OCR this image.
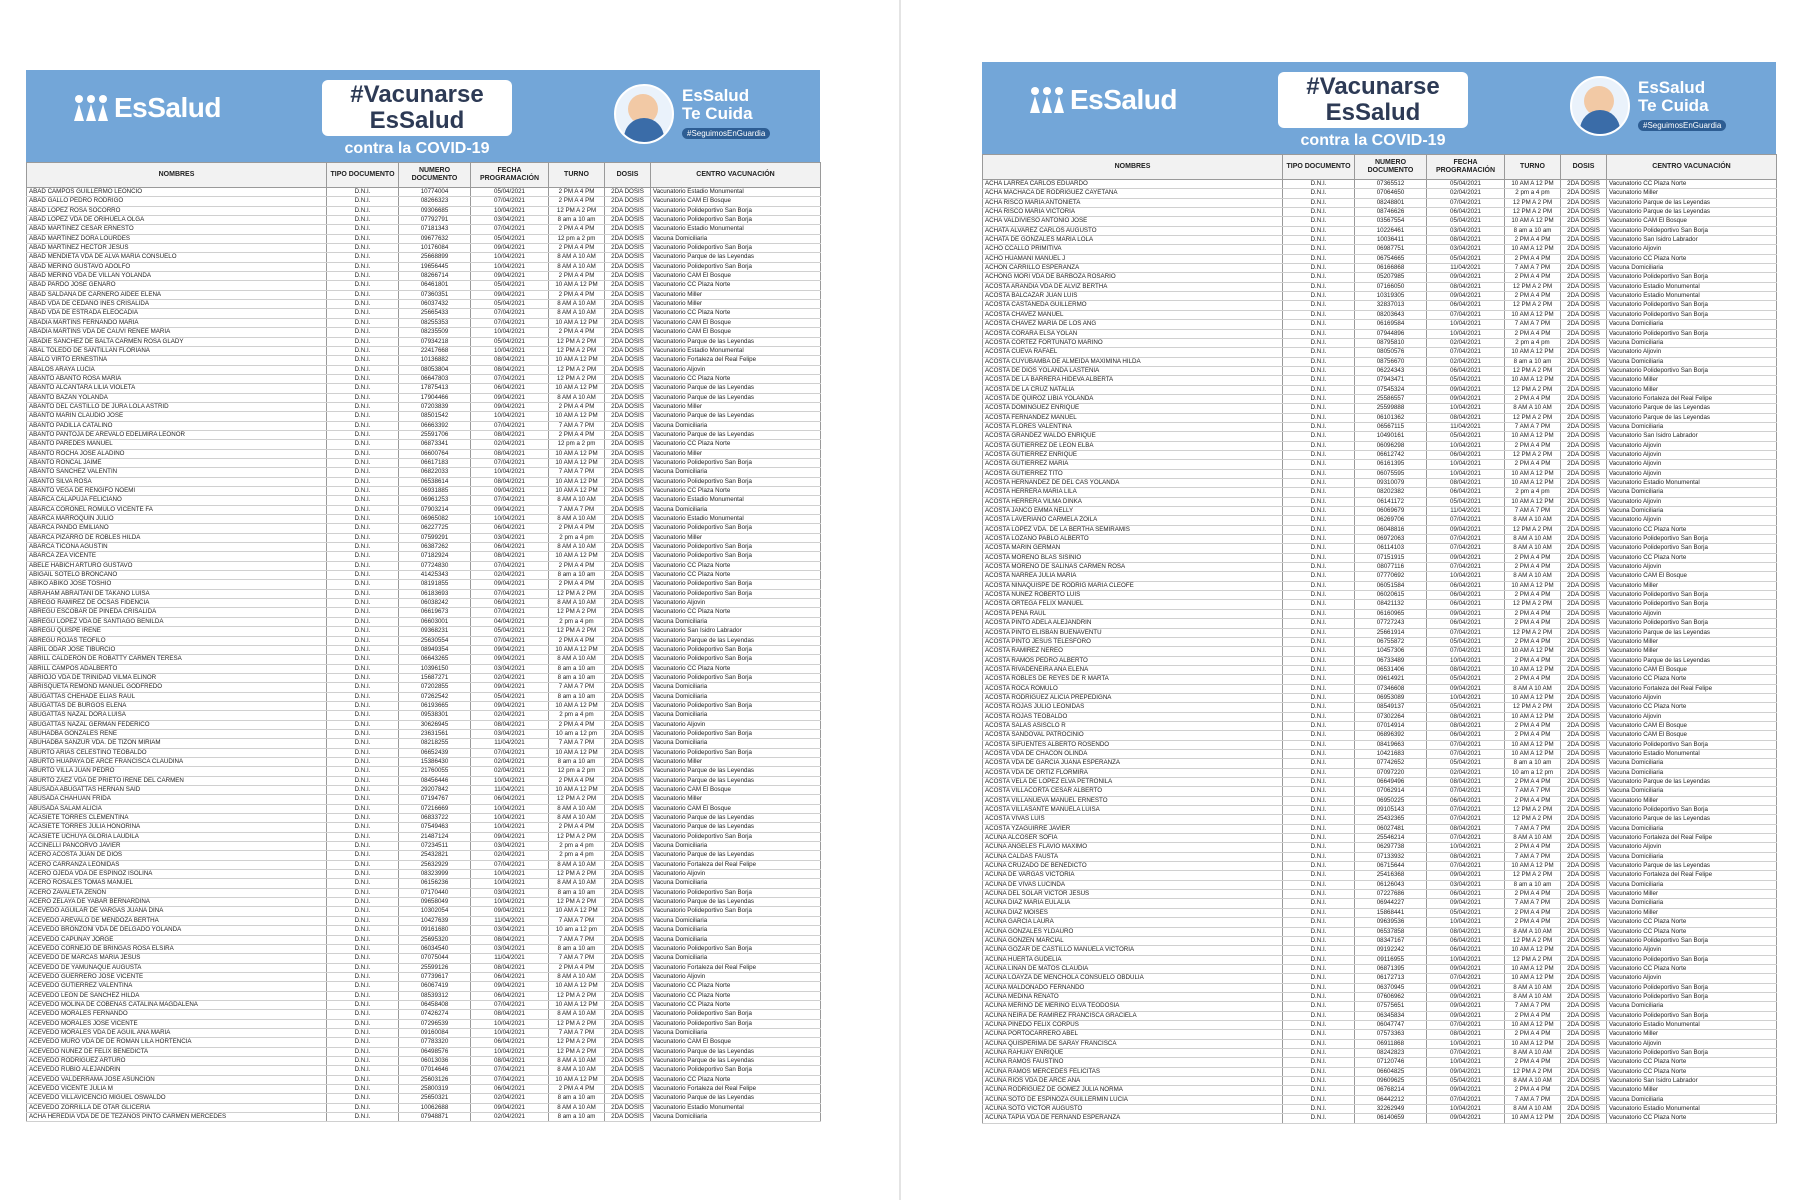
EsSalud	#Vacunarse
EsSalud
contra la COVID-19
EsSalud
Te Cuida
#SeguimosEnGuardia
NOMBRES	TIPO DOCUMENTO	NUMERO DOCUMENTO	FECHA PROGRAMACIÓN	TURNO	DOSIS	CENTRO VACUNACIÓN
ABAD CAMPOS GUILLERMO LEONCIO	D.N.I.	10774004	05/04/2021	2 PM A 4 PM	2DA DOSIS	Vacunatorio Estadio Monumental
ABAD GALLO PEDRO RODRIGO	D.N.I.	08266323	07/04/2021	2 PM A 4 PM	2DA DOSIS	Vacunatorio CAM El Bosque
ABAD LOPEZ ROSA SOCORRO	D.N.I.	09306685	10/04/2021	12 PM A 2 PM	2DA DOSIS	Vacunatorio Polideportivo San Borja
ABAD LOPEZ VDA DE ORIHUELA OLGA	D.N.I.	07792791	03/04/2021	8 am a 10 am	2DA DOSIS	Vacunatorio Polideportivo San Borja
ABAD MARTINEZ CESAR ERNESTO	D.N.I.	07181343	07/04/2021	2 PM A 4 PM	2DA DOSIS	Vacunatorio Estadio Monumental
ABAD MARTINEZ DORA LOURDES	D.N.I.	09677632	05/04/2021	12 pm a 2 pm	2DA DOSIS	Vacuna Domiciliaria
ABAD MARTINEZ HECTOR JESUS	D.N.I.	10176084	09/04/2021	2 PM A 4 PM	2DA DOSIS	Vacunatorio Polideportivo San Borja
ABAD MENDIETA VDA DE ALVA MARIA CONSUELO	D.N.I.	25668899	10/04/2021	8 AM A 10 AM	2DA DOSIS	Vacunatorio Parque de las Leyendas
ABAD MERINO GUSTAVO ADOLFO	D.N.I.	19656445	10/04/2021	8 AM A 10 AM	2DA DOSIS	Vacunatorio Polideportivo San Borja
ABAD MERINO VDA DE VILLAN YOLANDA	D.N.I.	08266714	09/04/2021	2 PM A 4 PM	2DA DOSIS	Vacunatorio CAM El Bosque
ABAD PARDO JOSE GENARO	D.N.I.	06461801	05/04/2021	10 AM A 12 PM	2DA DOSIS	Vacunatorio CC Plaza Norte
ABAD SALDAÑA DE CARNERO AIDEE ELENA	D.N.I.	07360351	09/04/2021	2 PM A 4 PM	2DA DOSIS	Vacunatorio Miller
ABAD VDA DE CEDANO INES CRISALIDA	D.N.I.	06037432	05/04/2021	8 AM A 10 AM	2DA DOSIS	Vacunatorio Miller
ABAD VDA DE ESTRADA ELEOCADIA	D.N.I.	25665433	07/04/2021	8 AM A 10 AM	2DA DOSIS	Vacunatorio CC Plaza Norte
ABADIA MARTINS FERNANDO MARIA	D.N.I.	08255353	07/04/2021	10 AM A 12 PM	2DA DOSIS	Vacunatorio CAM El Bosque
ABADIA MARTINS VDA DE CAUVI RENEE MARIA	D.N.I.	08235509	10/04/2021	2 PM A 4 PM	2DA DOSIS	Vacunatorio CAM El Bosque
ABADIE SANCHEZ DE BALTA CARMEN ROSA GLADY	D.N.I.	07934218	05/04/2021	12 PM A 2 PM	2DA DOSIS	Vacunatorio Parque de las Leyendas
ABAL TOLEDO DE SANTILLAN FLORIANA	D.N.I.	22417668	10/04/2021	12 PM A 2 PM	2DA DOSIS	Vacunatorio Estadio Monumental
ABALO VIRTO ERNESTINA	D.N.I.	10136882	08/04/2021	10 AM A 12 PM	2DA DOSIS	Vacunatorio Fortaleza del Real Felipe
ABALOS ARAYA LUCIA	D.N.I.	08053804	08/04/2021	12 PM A 2 PM	2DA DOSIS	Vacunatorio Aljovin
ABANTO ABANTO ROSA MARIA	D.N.I.	06647803	07/04/2021	12 PM A 2 PM	2DA DOSIS	Vacunatorio CC Plaza Norte
ABANTO ALCANTARA LILIA VIOLETA	D.N.I.	17875413	06/04/2021	10 AM A 12 PM	2DA DOSIS	Vacunatorio Parque de las Leyendas
ABANTO BAZAN YOLANDA	D.N.I.	17904466	09/04/2021	8 AM A 10 AM	2DA DOSIS	Vacunatorio Parque de las Leyendas
ABANTO DEL CASTILLO DE JURA LOLA ASTRID	D.N.I.	07203839	09/04/2021	2 PM A 4 PM	2DA DOSIS	Vacunatorio Miller
ABANTO MARIN CLAUDIO JOSE	D.N.I.	08501542	10/04/2021	10 AM A 12 PM	2DA DOSIS	Vacunatorio Parque de las Leyendas
ABANTO PADILLA CATALINO	D.N.I.	06663392	07/04/2021	7 AM A 7 PM	2DA DOSIS	Vacuna Domiciliaria
ABANTO PANTOJA DE AREVALO EDELMIRA LEONOR	D.N.I.	25591706	08/04/2021	2 PM A 4 PM	2DA DOSIS	Vacunatorio Parque de las Leyendas
ABANTO PAREDES MANUEL	D.N.I.	06873341	02/04/2021	12 pm a 2 pm	2DA DOSIS	Vacunatorio CC Plaza Norte
ABANTO ROCHA JOSE ALADINO	D.N.I.	06600764	08/04/2021	10 AM A 12 PM	2DA DOSIS	Vacunatorio Miller
ABANTO RONCAL JAIME	D.N.I.	06617183	07/04/2021	10 AM A 12 PM	2DA DOSIS	Vacunatorio Polideportivo San Borja
ABANTO SANCHEZ VALENTIN	D.N.I.	06822033	10/04/2021	7 AM A 7 PM	2DA DOSIS	Vacuna Domiciliaria
ABANTO SILVA ROSA	D.N.I.	06538614	08/04/2021	10 AM A 12 PM	2DA DOSIS	Vacunatorio Polideportivo San Borja
ABANTO VEGA DE RENGIFO NOEMI	D.N.I.	06931885	09/04/2021	10 AM A 12 PM	2DA DOSIS	Vacunatorio CC Plaza Norte
ABARCA CALAPUJA FELICIANO	D.N.I.	06961253	07/04/2021	8 AM A 10 AM	2DA DOSIS	Vacunatorio Estadio Monumental
ABARCA CORONEL ROMULO VICENTE FA	D.N.I.	07903214	09/04/2021	7 AM A 7 PM	2DA DOSIS	Vacuna Domiciliaria
ABARCA MARROQUIN JULIO	D.N.I.	06965082	10/04/2021	8 AM A 10 AM	2DA DOSIS	Vacunatorio Estadio Monumental
ABARCA PANDO EMILIANO	D.N.I.	06227725	06/04/2021	2 PM A 4 PM	2DA DOSIS	Vacunatorio Polideportivo San Borja
ABARCA PIZARRO DE ROBLES HILDA	D.N.I.	07599291	03/04/2021	2 pm a 4 pm	2DA DOSIS	Vacunatorio Miller
ABARCA TICONA AGUSTIN	D.N.I.	06387262	06/04/2021	8 AM A 10 AM	2DA DOSIS	Vacunatorio Polideportivo San Borja
ABARCA ZEA VICENTE	D.N.I.	07182924	08/04/2021	10 AM A 12 PM	2DA DOSIS	Vacunatorio Polideportivo San Borja
ABELE HABICH ARTURO GUSTAVO	D.N.I.	07724830	07/04/2021	2 PM A 4 PM	2DA DOSIS	Vacunatorio CC Plaza Norte
ABIGAIL SOTELO BRONCANO	D.N.I.	41425343	02/04/2021	8 am a 10 am	2DA DOSIS	Vacunatorio CC Plaza Norte
ABIKO ABIKO JOSE TOSHIO	D.N.I.	08191855	09/04/2021	2 PM A 4 PM	2DA DOSIS	Vacunatorio Polideportivo San Borja
ABRAHAM ABRAITANI DE TAKANO LUISA	D.N.I.	06183693	07/04/2021	12 PM A 2 PM	2DA DOSIS	Vacunatorio Polideportivo San Borja
ABREGO RAMIREZ DE OCSAS FIDENCIA	D.N.I.	06038242	06/04/2021	8 AM A 10 AM	2DA DOSIS	Vacunatorio Aljovin
ABREGU ESCOBAR DE PINEDA CRISALIDA	D.N.I.	06619673	07/04/2021	12 PM A 2 PM	2DA DOSIS	Vacunatorio CC Plaza Norte
ABREGU LOPEZ VDA DE SANTIAGO BENILDA	D.N.I.	06603001	04/04/2021	2 pm a 4 pm	2DA DOSIS	Vacuna Domiciliaria
ABREGU QUISPE IRENE	D.N.I.	09368231	05/04/2021	12 PM A 2 PM	2DA DOSIS	Vacunatorio San Isidro Labrador
ABREGU ROJAS TEOFILO	D.N.I.	25630554	07/04/2021	2 PM A 4 PM	2DA DOSIS	Vacunatorio Parque de las Leyendas
ABRIL ODAR JOSE TIBURCIO	D.N.I.	08949354	09/04/2021	10 AM A 12 PM	2DA DOSIS	Vacunatorio Polideportivo San Borja
ABRILL CALDERON DE ROBATTY CARMEN TERESA	D.N.I.	06643265	09/04/2021	8 AM A 10 AM	2DA DOSIS	Vacunatorio Polideportivo San Borja
ABRILL CAMPOS ADALBERTO	D.N.I.	10396150	03/04/2021	8 am a 10 am	2DA DOSIS	Vacunatorio CC Plaza Norte
ABRIOJO VDA DE TRINIDAD VILMA ELINOR	D.N.I.	15687271	02/04/2021	8 am a 10 am	2DA DOSIS	Vacunatorio Polideportivo San Borja
ABRISQUETA REMOND MANUEL GODFREDO	D.N.I.	07202855	09/04/2021	7 AM A 7 PM	2DA DOSIS	Vacuna Domiciliaria
ABUGATTAS CHEHADE ELIAS RAUL	D.N.I.	07262542	05/04/2021	8 am a 10 am	2DA DOSIS	Vacuna Domiciliaria
ABUGATTAS DE BURGOS ELENA	D.N.I.	06193665	09/04/2021	10 AM A 12 PM	2DA DOSIS	Vacunatorio Polideportivo San Borja
ABUGATTAS NAZAL DORA LUISA	D.N.I.	09538301	02/04/2021	2 pm a 4 pm	2DA DOSIS	Vacuna Domiciliaria
ABUGATTAS NAZAL GERMAN FEDERICO	D.N.I.	30626945	08/04/2021	2 PM A 4 PM	2DA DOSIS	Vacunatorio Aljovin
ABUHADBA GONZALES RENE	D.N.I.	23631561	03/04/2021	10 am a 12 pm	2DA DOSIS	Vacunatorio Polideportivo San Borja
ABUHADBA SANZUR VDA. DE TIZON MIRIAM	D.N.I.	08218255	11/04/2021	7 AM A 7 PM	2DA DOSIS	Vacuna Domiciliaria
ABURTO ARIAS CELESTINO TEOBALDO	D.N.I.	06652439	07/04/2021	10 AM A 12 PM	2DA DOSIS	Vacunatorio Polideportivo San Borja
ABURTO HUAPAYA DE ARCE FRANCISCA CLAUDINA	D.N.I.	15386430	02/04/2021	8 am a 10 am	2DA DOSIS	Vacunatorio Miller
ABURTO VILLA JUAN PEDRO	D.N.I.	21760055	02/04/2021	12 pm a 2 pm	2DA DOSIS	Vacunatorio Parque de las Leyendas
ABURTO ZAEZ VDA DE PRIETO IRENE DEL CARMEN	D.N.I.	08456446	10/04/2021	2 PM A 4 PM	2DA DOSIS	Vacunatorio Parque de las Leyendas
ABUSADA ABUGATTAS HERNAN SAID	D.N.I.	29207842	11/04/2021	10 AM A 12 PM	2DA DOSIS	Vacunatorio CAM El Bosque
ABUSADA CHAHUAN FRIDA	D.N.I.	07194767	06/04/2021	12 PM A 2 PM	2DA DOSIS	Vacunatorio Miller
ABUSADA SALAM ALICIA	D.N.I.	07216669	10/04/2021	8 AM A 10 AM	2DA DOSIS	Vacunatorio CAM El Bosque
ACASIETE TORRES CLEMENTINA	D.N.I.	06833722	10/04/2021	8 AM A 10 AM	2DA DOSIS	Vacunatorio Parque de las Leyendas
ACASIETE TORRES JULIA HONORINA	D.N.I.	07549463	10/04/2021	2 PM A 4 PM	2DA DOSIS	Vacunatorio Parque de las Leyendas
ACASIETE UCHUYA GLORIA LAUDILA	D.N.I.	21487124	09/04/2021	12 PM A 2 PM	2DA DOSIS	Vacunatorio Polideportivo San Borja
ACCINELLI PANCORVO JAVIER	D.N.I.	07234511	03/04/2021	2 pm a 4 pm	2DA DOSIS	Vacuna Domiciliaria
ACERO ACOSTA JUAN DE DIOS	D.N.I.	25432821	02/04/2021	2 pm a 4 pm	2DA DOSIS	Vacunatorio Parque de las Leyendas
ACERO CARRANZA LEONIDAS	D.N.I.	25632929	07/04/2021	8 AM A 10 AM	2DA DOSIS	Vacunatorio Fortaleza del Real Felipe
ACERO OJEDA VDA DE ESPINOZ ISOLINA	D.N.I.	08323999	10/04/2021	12 PM A 2 PM	2DA DOSIS	Vacunatorio Aljovin
ACERO ROSALES TOMAS MANUEL	D.N.I.	06156236	10/04/2021	8 AM A 10 AM	2DA DOSIS	Vacuna Domiciliaria
ACERO ZAVALETA ZENON	D.N.I.	07170440	03/04/2021	8 am a 10 am	2DA DOSIS	Vacunatorio Polideportivo San Borja
ACERO ZELAYA DE YABAR BERNARDINA	D.N.I.	09658049	10/04/2021	12 PM A 2 PM	2DA DOSIS	Vacunatorio Parque de las Leyendas
ACEVEDO AGUILAR DE VARGAS JUANA DINA	D.N.I.	10302054	09/04/2021	10 AM A 12 PM	2DA DOSIS	Vacunatorio Polideportivo San Borja
ACEVEDO AREVALO DE MENDOZA BERTHA	D.N.I.	10427639	11/04/2021	7 AM A 7 PM	2DA DOSIS	Vacuna Domiciliaria
ACEVEDO BRONZONI VDA DE DELGADO YOLANDA	D.N.I.	09161680	03/04/2021	10 am a 12 pm	2DA DOSIS	Vacuna Domiciliaria
ACEVEDO CAPUÑAY JORGE	D.N.I.	25695320	08/04/2021	7 AM A 7 PM	2DA DOSIS	Vacuna Domiciliaria
ACEVEDO CORNEJO DE BRINGAS ROSA ELSIRA	D.N.I.	06034540	03/04/2021	8 am a 10 am	2DA DOSIS	Vacunatorio Polideportivo San Borja
ACEVEDO DE MARCAS MARIA JESUS	D.N.I.	07075044	11/04/2021	7 AM A 7 PM	2DA DOSIS	Vacuna Domiciliaria
ACEVEDO DE YAMUNAQUE AUGUSTA	D.N.I.	25599126	08/04/2021	2 PM A 4 PM	2DA DOSIS	Vacunatorio Fortaleza del Real Felipe
ACEVEDO GUERRERO JOSE VICENTE	D.N.I.	07739617	06/04/2021	8 AM A 10 AM	2DA DOSIS	Vacunatorio Aljovin
ACEVEDO GUTIERREZ VALENTINA	D.N.I.	06067419	09/04/2021	10 AM A 12 PM	2DA DOSIS	Vacunatorio CC Plaza Norte
ACEVEDO LEON DE SANCHEZ HILDA	D.N.I.	08539312	06/04/2021	12 PM A 2 PM	2DA DOSIS	Vacunatorio CC Plaza Norte
ACEVEDO MOLINA DE COBEÑAS CATALINA MAGDALENA	D.N.I.	06458408	07/04/2021	10 AM A 12 PM	2DA DOSIS	Vacunatorio CC Plaza Norte
ACEVEDO MORALES FERNANDO	D.N.I.	07426274	08/04/2021	8 AM A 10 AM	2DA DOSIS	Vacunatorio Polideportivo San Borja
ACEVEDO MORALES JOSE VICENTE	D.N.I.	07296539	10/04/2021	12 PM A 2 PM	2DA DOSIS	Vacunatorio Polideportivo San Borja
ACEVEDO MORALES VDA DE AGUIL ANA MARIA	D.N.I.	09160084	10/04/2021	7 AM A 7 PM	2DA DOSIS	Vacuna Domiciliaria
ACEVEDO MURO VDA DE DE ROMAN LILA HORTENCIA	D.N.I.	07783320	06/04/2021	12 PM A 2 PM	2DA DOSIS	Vacunatorio CAM El Bosque
ACEVEDO NUÑEZ DE FELIX BENEDICTA	D.N.I.	06498576	10/04/2021	12 PM A 2 PM	2DA DOSIS	Vacunatorio Parque de las Leyendas
ACEVEDO RODRIGUEZ ARTURO	D.N.I.	06013036	08/04/2021	8 AM A 10 AM	2DA DOSIS	Vacunatorio Parque de las Leyendas
ACEVEDO RUBIO ALEJANDRIN	D.N.I.	07014646	07/04/2021	8 AM A 10 AM	2DA DOSIS	Vacunatorio Polideportivo San Borja
ACEVEDO VALDERRAMA JOSE ASUNCION	D.N.I.	25603126	07/04/2021	10 AM A 12 PM	2DA DOSIS	Vacunatorio CC Plaza Norte
ACEVEDO VICENTE JULIA M	D.N.I.	25800319	06/04/2021	2 PM A 4 PM	2DA DOSIS	Vacunatorio Fortaleza del Real Felipe
ACEVEDO VILLAVICENCIO MIGUEL OSWALDO	D.N.I.	25650321	02/04/2021	8 am a 10 am	2DA DOSIS	Vacunatorio Parque de las Leyendas
ACEVEDO ZORRILLA DE OTAR GLICERIA	D.N.I.	10062688	09/04/2021	8 AM A 10 AM	2DA DOSIS	Vacunatorio Estadio Monumental
ACHA HEREDIA VDA DE DE TEZANOS PINTO CARMEN MERCEDES	D.N.I.	07948871	02/04/2021	8 am a 10 am	2DA DOSIS	Vacuna Domiciliaria
EsSalud	#Vacunarse
EsSalud
contra la COVID-19
EsSalud
Te Cuida
#SeguimosEnGuardia
NOMBRES	TIPO DOCUMENTO	NUMERO DOCUMENTO	FECHA PROGRAMACIÓN	TURNO	DOSIS	CENTRO VACUNACIÓN
ACHA LARREA CARLOS EDUARDO	D.N.I.	07365512	05/04/2021	10 AM A 12 PM	2DA DOSIS	Vacunatorio CC Plaza Norte
ACHA MACHACA DE RODRIGUEZ CAYETANA	D.N.I.	07064650	02/04/2021	2 pm a 4 pm	2DA DOSIS	Vacunatorio Miller
ACHA RISCO MARIA ANTONIETA	D.N.I.	08248801	07/04/2021	12 PM A 2 PM	2DA DOSIS	Vacunatorio Parque de las Leyendas
ACHA RISCO MARIA VICTORIA	D.N.I.	08746626	06/04/2021	12 PM A 2 PM	2DA DOSIS	Vacunatorio Parque de las Leyendas
ACHA VALDIVIESO ANTONIO JOSE	D.N.I.	03567554	05/04/2021	10 AM A 12 PM	2DA DOSIS	Vacunatorio CAM El Bosque
ACHATA ALVAREZ CARLOS AUGUSTO	D.N.I.	10226461	03/04/2021	8 am a 10 am	2DA DOSIS	Vacunatorio Polideportivo San Borja
ACHATA DE GONZALES MARIA LOLA	D.N.I.	10036411	08/04/2021	2 PM A 4 PM	2DA DOSIS	Vacunatorio San Isidro Labrador
ACHO CCALLO PRIMITIVA	D.N.I.	06987751	03/04/2021	10 AM A 12 PM	2DA DOSIS	Vacunatorio Aljovin
ACHO HUAMANI MANUEL J	D.N.I.	06754665	05/04/2021	2 PM A 4 PM	2DA DOSIS	Vacunatorio CC Plaza Norte
ACHON CARRILLO ESPERANZA	D.N.I.	06166868	11/04/2021	7 AM A 7 PM	2DA DOSIS	Vacuna Domiciliaria
ACHONG MORI VDA DE BARBOZA ROSARIO	D.N.I.	05207985	09/04/2021	2 PM A 4 PM	2DA DOSIS	Vacunatorio Polideportivo San Borja
ACOSTA ARANDIA VDA DE ALVIZ BERTHA	D.N.I.	07166050	08/04/2021	12 PM A 2 PM	2DA DOSIS	Vacunatorio Estadio Monumental
ACOSTA BALCAZAR JUAN LUIS	D.N.I.	10319305	09/04/2021	2 PM A 4 PM	2DA DOSIS	Vacunatorio Estadio Monumental
ACOSTA CASTAÑEDA GUILLERMO	D.N.I.	32837013	06/04/2021	12 PM A 2 PM	2DA DOSIS	Vacunatorio Polideportivo San Borja
ACOSTA CHAVEZ MANUEL	D.N.I.	08203643	07/04/2021	10 AM A 12 PM	2DA DOSIS	Vacunatorio Polideportivo San Borja
ACOSTA CHAVEZ MARIA DE LOS ANG	D.N.I.	06169584	10/04/2021	7 AM A 7 PM	2DA DOSIS	Vacuna Domiciliaria
ACOSTA CORARA ELSA YOLAN	D.N.I.	07944896	10/04/2021	2 PM A 4 PM	2DA DOSIS	Vacunatorio Polideportivo San Borja
ACOSTA CORTEZ FORTUNATO MARINO	D.N.I.	08795810	02/04/2021	2 pm a 4 pm	2DA DOSIS	Vacuna Domiciliaria
ACOSTA CUEVA RAFAEL	D.N.I.	08050576	07/04/2021	10 AM A 12 PM	2DA DOSIS	Vacunatorio Aljovin
ACOSTA CUYUBAMBA DE ALMEIDA MAXIMINA HILDA	D.N.I.	08756670	02/04/2021	8 am a 10 am	2DA DOSIS	Vacuna Domiciliaria
ACOSTA DE DIOS YOLANDA LASTENIA	D.N.I.	06224343	06/04/2021	12 PM A 2 PM	2DA DOSIS	Vacunatorio Polideportivo San Borja
ACOSTA DE LA BARRERA HIDEVA ALBERTA	D.N.I.	07943471	05/04/2021	10 AM A 12 PM	2DA DOSIS	Vacunatorio Miller
ACOSTA DE LA CRUZ NATALIA	D.N.I.	07545324	09/04/2021	12 PM A 2 PM	2DA DOSIS	Vacunatorio Miller
ACOSTA DE QUIROZ LIBIA YOLANDA	D.N.I.	25586557	09/04/2021	2 PM A 4 PM	2DA DOSIS	Vacunatorio Fortaleza del Real Felipe
ACOSTA DOMINGUEZ ENRIQUE	D.N.I.	25599888	10/04/2021	8 AM A 10 AM	2DA DOSIS	Vacunatorio Parque de las Leyendas
ACOSTA FERNANDEZ MANUEL	D.N.I.	06101362	08/04/2021	12 PM A 2 PM	2DA DOSIS	Vacunatorio Parque de las Leyendas
ACOSTA FLORES VALENTINA	D.N.I.	06567115	11/04/2021	7 AM A 7 PM	2DA DOSIS	Vacuna Domiciliaria
ACOSTA GRANDEZ WALDO ENRIQUE	D.N.I.	10490161	05/04/2021	10 AM A 12 PM	2DA DOSIS	Vacunatorio San Isidro Labrador
ACOSTA GUTIERREZ DE LEON ELBA	D.N.I.	06096298	10/04/2021	2 PM A 4 PM	2DA DOSIS	Vacunatorio Aljovin
ACOSTA GUTIERREZ ENRIQUE	D.N.I.	06612742	06/04/2021	12 PM A 2 PM	2DA DOSIS	Vacunatorio Aljovin
ACOSTA GUTIERREZ MARIA	D.N.I.	06161395	10/04/2021	2 PM A 4 PM	2DA DOSIS	Vacunatorio Aljovin
ACOSTA GUTIERREZ TITO	D.N.I.	06075595	10/04/2021	10 AM A 12 PM	2DA DOSIS	Vacunatorio Aljovin
ACOSTA HERNANDEZ DE DEL CAS YOLANDA	D.N.I.	09310079	08/04/2021	10 AM A 12 PM	2DA DOSIS	Vacunatorio Estadio Monumental
ACOSTA HERRERA MARIA LILA	D.N.I.	08202382	06/04/2021	2 pm a 4 pm	2DA DOSIS	Vacuna Domiciliaria
ACOSTA HERRERA VILMA DINKA	D.N.I.	06141172	05/04/2021	10 AM A 12 PM	2DA DOSIS	Vacunatorio Aljovin
ACOSTA JANCO EMMA NELLY	D.N.I.	06069679	11/04/2021	7 AM A 7 PM	2DA DOSIS	Vacuna Domiciliaria
ACOSTA LAVERIANO CARMELA ZOILA	D.N.I.	06269706	07/04/2021	8 AM A 10 AM	2DA DOSIS	Vacunatorio Aljovin
ACOSTA LOPEZ VDA. DE LA BERTHA SEMIRAMIS	D.N.I.	06048816	09/04/2021	12 PM A 2 PM	2DA DOSIS	Vacunatorio CC Plaza Norte
ACOSTA LOZANO PABLO ALBERTO	D.N.I.	06972063	07/04/2021	8 AM A 10 AM	2DA DOSIS	Vacunatorio Polideportivo San Borja
ACOSTA MARIN GERMAN	D.N.I.	06114103	07/04/2021	8 AM A 10 AM	2DA DOSIS	Vacunatorio Polideportivo San Borja
ACOSTA MORENO BLAS SISINIO	D.N.I.	07151915	09/04/2021	2 PM A 4 PM	2DA DOSIS	Vacunatorio CC Plaza Norte
ACOSTA MORENO DE SALINAS CARMEN ROSA	D.N.I.	08077116	07/04/2021	2 PM A 4 PM	2DA DOSIS	Vacunatorio Aljovin
ACOSTA NARREA JULIA MARIA	D.N.I.	07770692	10/04/2021	8 AM A 10 AM	2DA DOSIS	Vacunatorio CAM El Bosque
ACOSTA NINAQUISPE DE RODRIG MARIA CLEOFE	D.N.I.	06051584	06/04/2021	10 AM A 12 PM	2DA DOSIS	Vacunatorio Miller
ACOSTA NUÑEZ ROBERTO LUIS	D.N.I.	06020615	06/04/2021	2 PM A 4 PM	2DA DOSIS	Vacunatorio Polideportivo San Borja
ACOSTA ORTEGA FELIX MANUEL	D.N.I.	08421132	06/04/2021	12 PM A 2 PM	2DA DOSIS	Vacunatorio Polideportivo San Borja
ACOSTA PEÑA RAUL	D.N.I.	06160965	09/04/2021	2 PM A 4 PM	2DA DOSIS	Vacunatorio Aljovin
ACOSTA PINTO ADELA ALEJANDRIN	D.N.I.	07727243	06/04/2021	2 PM A 4 PM	2DA DOSIS	Vacunatorio Polideportivo San Borja
ACOSTA PINTO ELISBAN BUENAVENTU	D.N.I.	25661914	07/04/2021	12 PM A 2 PM	2DA DOSIS	Vacunatorio Parque de las Leyendas
ACOSTA PINTO JESUS TELESFORO	D.N.I.	06755872	05/04/2021	2 PM A 4 PM	2DA DOSIS	Vacunatorio Miller
ACOSTA RAMIREZ NEREO	D.N.I.	10457306	07/04/2021	10 AM A 12 PM	2DA DOSIS	Vacunatorio Miller
ACOSTA RAMOS PEDRO ALBERTO	D.N.I.	06733489	10/04/2021	2 PM A 4 PM	2DA DOSIS	Vacunatorio Parque de las Leyendas
ACOSTA RIVADENEIRA ANA ELENA	D.N.I.	06531406	08/04/2021	10 AM A 12 PM	2DA DOSIS	Vacunatorio CAM El Bosque
ACOSTA ROBLES DE REYES DE R MARTA	D.N.I.	09614921	05/04/2021	2 PM A 4 PM	2DA DOSIS	Vacunatorio CC Plaza Norte
ACOSTA ROCA ROMULO	D.N.I.	07346608	09/04/2021	8 AM A 10 AM	2DA DOSIS	Vacunatorio Fortaleza del Real Felipe
ACOSTA RODRIGUEZ ALICIA PREPEDIGNA	D.N.I.	06953089	10/04/2021	10 AM A 12 PM	2DA DOSIS	Vacunatorio Aljovin
ACOSTA ROJAS JULIO LEONIDAS	D.N.I.	08549137	05/04/2021	12 PM A 2 PM	2DA DOSIS	Vacunatorio CC Plaza Norte
ACOSTA ROJAS TEOBALDO	D.N.I.	07302264	08/04/2021	10 AM A 12 PM	2DA DOSIS	Vacunatorio Aljovin
ACOSTA SALAS ASISCLO R	D.N.I.	07014914	08/04/2021	2 PM A 4 PM	2DA DOSIS	Vacunatorio CAM El Bosque
ACOSTA SANDOVAL PATROCINIO	D.N.I.	06896392	06/04/2021	2 PM A 4 PM	2DA DOSIS	Vacunatorio CAM El Bosque
ACOSTA SIFUENTES ALBERTO ROSENDO	D.N.I.	08419663	07/04/2021	10 AM A 12 PM	2DA DOSIS	Vacunatorio Polideportivo San Borja
ACOSTA VDA DE CHACON OLINDA	D.N.I.	10421683	07/04/2021	10 AM A 12 PM	2DA DOSIS	Vacunatorio Estadio Monumental
ACOSTA VDA DE GARCIA JUANA ESPERANZA	D.N.I.	07742652	05/04/2021	8 am a 10 am	2DA DOSIS	Vacuna Domiciliaria
ACOSTA VDA DE ORTIZ FLORMIRA	D.N.I.	07097220	02/04/2021	10 am a 12 pm	2DA DOSIS	Vacuna Domiciliaria
ACOSTA VELA DE LOPEZ ELVA PETRONILA	D.N.I.	06649496	08/04/2021	2 PM A 4 PM	2DA DOSIS	Vacunatorio Parque de las Leyendas
ACOSTA VILLACORTA CESAR ALBERTO	D.N.I.	07062914	07/04/2021	7 AM A 7 PM	2DA DOSIS	Vacuna Domiciliaria
ACOSTA VILLANUEVA MANUEL ERNESTO	D.N.I.	06950225	06/04/2021	2 PM A 4 PM	2DA DOSIS	Vacunatorio Miller
ACOSTA VILLASANTE MANUELA LUISA	D.N.I.	09105143	07/04/2021	12 PM A 2 PM	2DA DOSIS	Vacunatorio Polideportivo San Borja
ACOSTA VIVAS LUIS	D.N.I.	25432365	07/04/2021	12 PM A 2 PM	2DA DOSIS	Vacunatorio Parque de las Leyendas
ACOSTA YZAGUIRRE JAVIER	D.N.I.	06027481	08/04/2021	7 AM A 7 PM	2DA DOSIS	Vacuna Domiciliaria
ACUÑA ALCOSER SOFIA	D.N.I.	25546214	07/04/2021	8 AM A 10 AM	2DA DOSIS	Vacunatorio Fortaleza del Real Felipe
ACUÑA ANGELES FLAVIO MAXIMO	D.N.I.	06297738	10/04/2021	2 PM A 4 PM	2DA DOSIS	Vacunatorio Aljovin
ACUÑA CALDAS FAUSTA	D.N.I.	07133932	08/04/2021	7 AM A 7 PM	2DA DOSIS	Vacuna Domiciliaria
ACUÑA CRUZADO DE BENEDICTO	D.N.I.	06715644	07/04/2021	10 AM A 12 PM	2DA DOSIS	Vacunatorio Parque de las Leyendas
ACUÑA DE VARGAS VICTORIA	D.N.I.	25416368	09/04/2021	12 PM A 2 PM	2DA DOSIS	Vacunatorio Fortaleza del Real Felipe
ACUÑA DE VIVAS LUCINDA	D.N.I.	06126043	03/04/2021	8 am a 10 am	2DA DOSIS	Vacuna Domiciliaria
ACUÑA DEL SOLAR VICTOR JESUS	D.N.I.	07227686	06/04/2021	2 PM A 4 PM	2DA DOSIS	Vacunatorio Miller
ACUÑA DIAZ MARIA EULALIA	D.N.I.	06944227	09/04/2021	7 AM A 7 PM	2DA DOSIS	Vacuna Domiciliaria
ACUÑA DIAZ MOISES	D.N.I.	15868441	05/04/2021	2 PM A 4 PM	2DA DOSIS	Vacunatorio Miller
ACUÑA GARCIA LAURA	D.N.I.	09639536	10/04/2021	2 PM A 4 PM	2DA DOSIS	Vacunatorio CC Plaza Norte
ACUÑA GONZALES YLDAURO	D.N.I.	06537858	08/04/2021	8 AM A 10 AM	2DA DOSIS	Vacunatorio CC Plaza Norte
ACUÑA GONZEN MARCIAL	D.N.I.	08347167	06/04/2021	12 PM A 2 PM	2DA DOSIS	Vacunatorio Polideportivo San Borja
ACUÑA GOZAR DE CASTILLO MANUELA VICTORIA	D.N.I.	09192242	06/04/2021	10 AM A 12 PM	2DA DOSIS	Vacunatorio Aljovin
ACUÑA HUERTA GUDELIA	D.N.I.	09116955	10/04/2021	12 PM A 2 PM	2DA DOSIS	Vacunatorio Polideportivo San Borja
ACUÑA LIÑAN DE MATOS CLAUDIA	D.N.I.	06871395	09/04/2021	10 AM A 12 PM	2DA DOSIS	Vacunatorio CC Plaza Norte
ACUÑA LOAYZA DE MENCHOLA CONSUELO OBDULIA	D.N.I.	06172713	07/04/2021	10 AM A 12 PM	2DA DOSIS	Vacunatorio Aljovin
ACUÑA MALDONADO FERNANDO	D.N.I.	06370945	09/04/2021	8 AM A 10 AM	2DA DOSIS	Vacunatorio Polideportivo San Borja
ACUÑA MEDINA RENATO	D.N.I.	07606962	09/04/2021	8 AM A 10 AM	2DA DOSIS	Vacunatorio Polideportivo San Borja
ACUÑA MERINO DE MERINO ELVA TEODOSIA	D.N.I.	07575651	09/04/2021	7 AM A 7 PM	2DA DOSIS	Vacuna Domiciliaria
ACUÑA NEIRA DE RAMIREZ FRANCISCA GRACIELA	D.N.I.	06345834	09/04/2021	2 PM A 4 PM	2DA DOSIS	Vacunatorio Polideportivo San Borja
ACUÑA PINEDO FELIX CORPUS	D.N.I.	06047747	07/04/2021	10 AM A 12 PM	2DA DOSIS	Vacunatorio Estadio Monumental
ACUÑA PORTOCARRERO ABEL	D.N.I.	07573363	08/04/2021	2 PM A 4 PM	2DA DOSIS	Vacunatorio Miller
ACUÑA QUISPERIMA DE SARAY FRANCISCA	D.N.I.	06911868	10/04/2021	10 AM A 12 PM	2DA DOSIS	Vacunatorio Aljovin
ACUÑA RAHUAY ENRIQUE	D.N.I.	08242823	07/04/2021	8 AM A 10 AM	2DA DOSIS	Vacunatorio Polideportivo San Borja
ACUÑA RAMOS FAUSTINO	D.N.I.	07120746	10/04/2021	2 PM A 4 PM	2DA DOSIS	Vacunatorio CC Plaza Norte
ACUÑA RAMOS MERCEDES FELICITAS	D.N.I.	06604825	09/04/2021	12 PM A 2 PM	2DA DOSIS	Vacunatorio CC Plaza Norte
ACUÑA RIOS VDA DE ARCE ANA	D.N.I.	09609625	05/04/2021	8 AM A 10 AM	2DA DOSIS	Vacunatorio San Isidro Labrador
ACUÑA RODRIGUEZ DE GOMEZ JULIA NORMA	D.N.I.	06768214	09/04/2021	2 PM A 4 PM	2DA DOSIS	Vacunatorio Miller
ACUÑA SOTO DE ESPINOZA GUILLERMIN LUCIA	D.N.I.	06442212	07/04/2021	7 AM A 7 PM	2DA DOSIS	Vacuna Domiciliaria
ACUÑA SOTO VICTOR AUGUSTO	D.N.I.	32262949	10/04/2021	8 AM A 10 AM	2DA DOSIS	Vacunatorio Estadio Monumental
ACUÑA TAPIA VDA DE FERNAND ESPERANZA	D.N.I.	06140659	09/04/2021	10 AM A 12 PM	2DA DOSIS	Vacunatorio CC Plaza Norte
